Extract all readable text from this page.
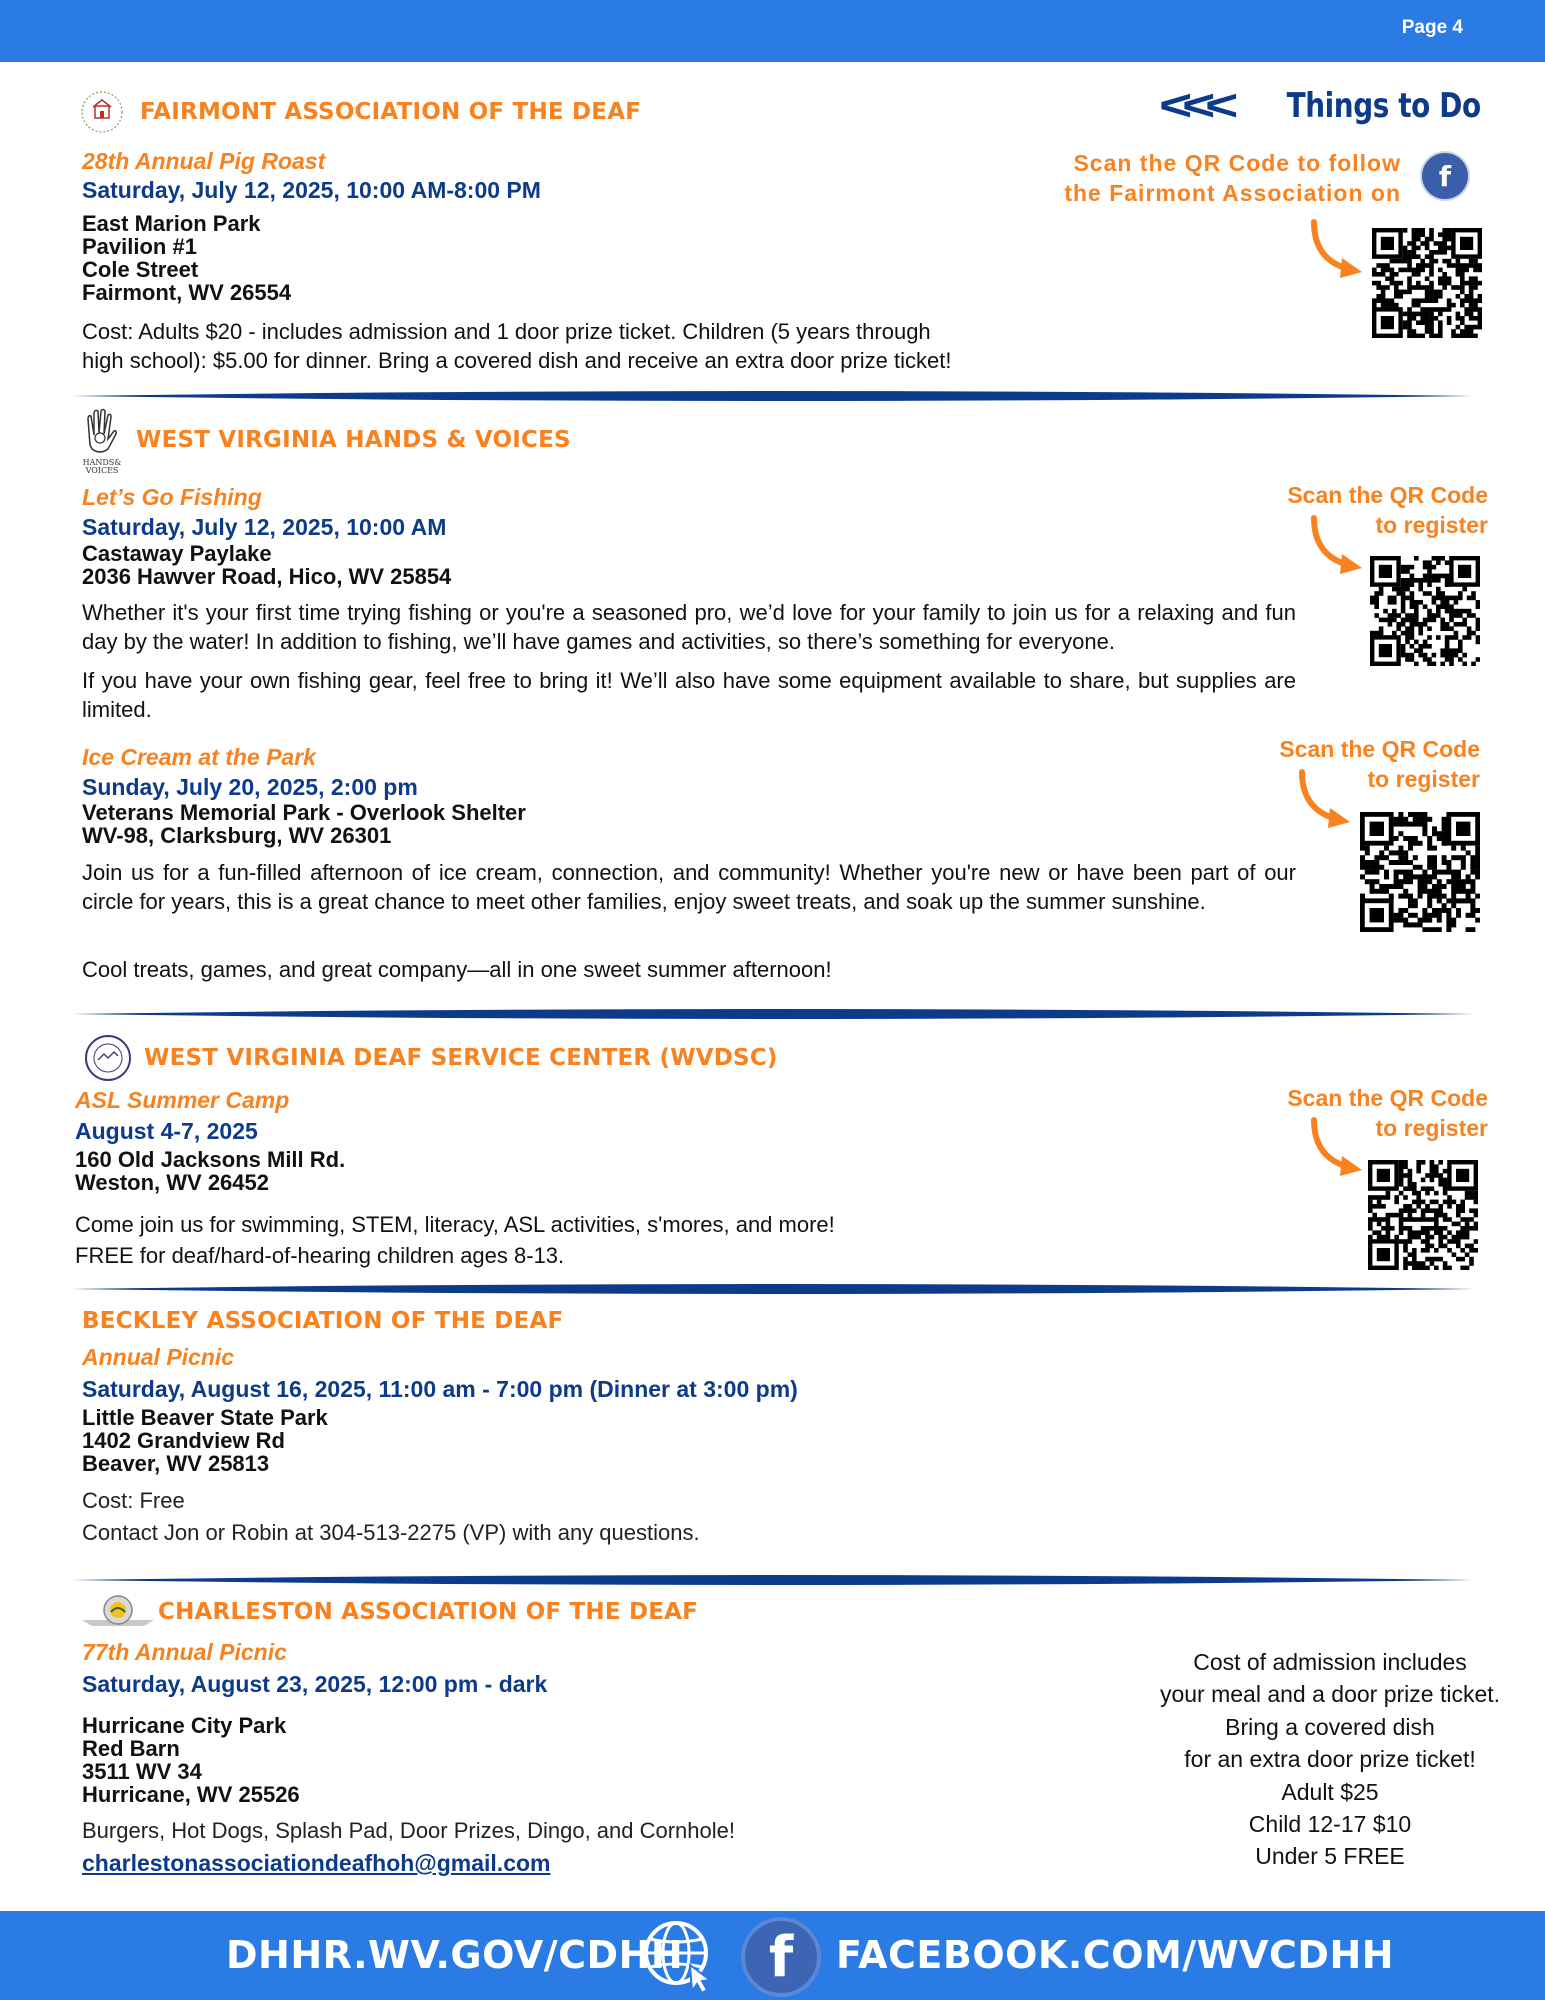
Page 4
<<< Things to Do
FAIRMONT ASSOCIATION OF THE DEAF
28th Annual Pig Roast
Saturday, July 12, 2025, 10:00 AM-8:00 PM
East Marion Park
Pavilion #1
Cole Street
Fairmont, WV 26554
Cost: Adults $20 - includes admission and 1 door prize ticket. Children (5 years through
high school): $5.00 for dinner. Bring a covered dish and receive an extra door prize ticket!
Scan the QR Code to follow
the Fairmont Association on
f
HANDS&
VOICES
WEST VIRGINIA HANDS & VOICES
Let’s Go Fishing
Saturday, July 12, 2025, 10:00 AM
Castaway Paylake
2036 Hawver Road, Hico, WV 25854
Whether it's your first time trying fishing or you're a seasoned pro, we’d love for your family to join us for a relaxing and fun day by the water! In addition to fishing, we’ll have games and activities, so there’s something for everyone.
If you have your own fishing gear, feel free to bring it! We’ll also have some equipment available to share, but supplies are limited.
Scan the QR Code
to register
Ice Cream at the Park
Sunday, July 20, 2025, 2:00 pm
Veterans Memorial Park - Overlook Shelter
WV-98, Clarksburg, WV 26301
Join us for a fun-filled afternoon of ice cream, connection, and community! Whether you're new or have been part of our circle for years, this is a great chance to meet other families, enjoy sweet treats, and soak up the summer sunshine.
Cool treats, games, and great company—all in one sweet summer afternoon!
Scan the QR Code
to register
WEST VIRGINIA DEAF SERVICE CENTER (WVDSC)
ASL Summer Camp
August 4-7, 2025
160 Old Jacksons Mill Rd.
Weston, WV 26452
Come join us for swimming, STEM, literacy, ASL activities, s'mores, and more!
FREE for deaf/hard-of-hearing children ages 8-13.
Scan the QR Code
to register
BECKLEY ASSOCIATION OF THE DEAF
Annual Picnic
Saturday, August 16, 2025, 11:00 am - 7:00 pm (Dinner at 3:00 pm)
Little Beaver State Park
1402 Grandview Rd
Beaver, WV 25813
Cost: Free
Contact Jon or Robin at 304-513-2275 (VP) with any questions.
CHARLESTON ASSOCIATION OF THE DEAF
77th Annual Picnic
Saturday, August 23, 2025, 12:00 pm - dark
Hurricane City Park
Red Barn
3511 WV 34
Hurricane, WV 25526
Burgers, Hot Dogs, Splash Pad, Door Prizes, Dingo, and Cornhole!
charlestonassociationdeafhoh@gmail.com
Cost of admission includes
your meal and a door prize ticket.
Bring a covered dish
for an extra door prize ticket!
Adult $25
Child 12-17 $10
Under 5 FREE
DHHR.WV.GOV/CDHH	f	FACEBOOK.COM/WVCDHH
